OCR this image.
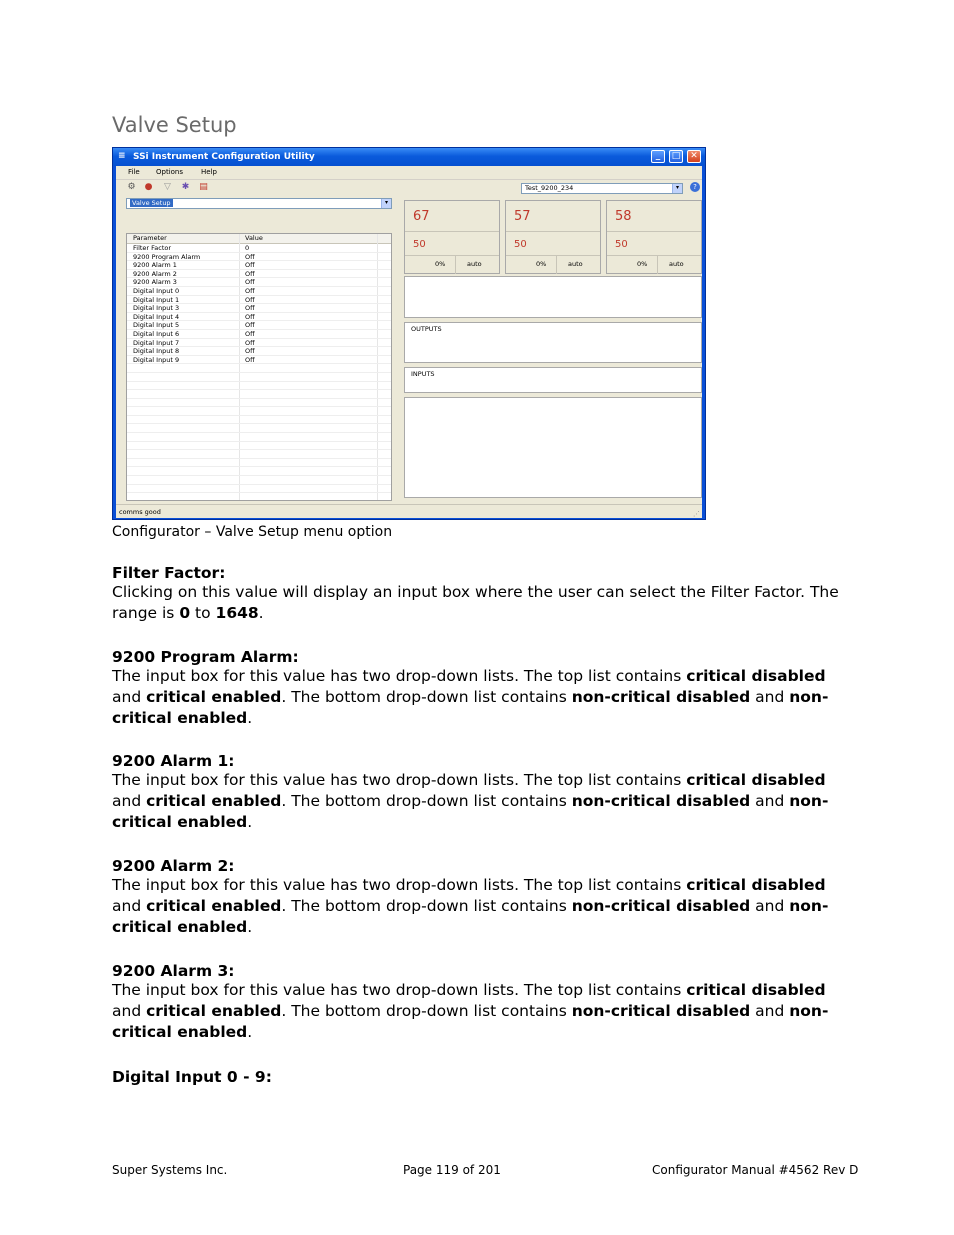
Valve Setup
≡ SSi Instrument Configuration Utility	_	□	✕
File Options	Help
⚙ ● ▽ ✱ ▤	Test_9200_234	▾	?
Valve Setup	▾
Parameter	Value
Filter Factor	0
9200 Program Alarm	Off
9200 Alarm 1	Off
9200 Alarm 2	Off
9200 Alarm 3	Off
Digital Input 0	Off
Digital Input 1	Off
Digital Input 3	Off
Digital Input 4	Off
Digital Input 5	Off
Digital Input 6	Off
Digital Input 7	Off
Digital Input 8	Off
Digital Input 9	Off
67
50
0%	auto
57
50
0%	auto
58
50
0%	auto
OUTPUTS
INPUTS
comms good	⋰
Configurator – Valve Setup menu option
Filter Factor:
Clicking on this value will display an input box where the user can select the Filter Factor. The range is 0 to 1648.
9200 Program Alarm:
The input box for this value has two drop-down lists. The top list contains critical disabled and critical enabled. The bottom drop-down list contains non-critical disabled and non-critical enabled.
9200 Alarm 1:
The input box for this value has two drop-down lists. The top list contains critical disabled and critical enabled. The bottom drop-down list contains non-critical disabled and non-critical enabled.
9200 Alarm 2:
The input box for this value has two drop-down lists. The top list contains critical disabled and critical enabled. The bottom drop-down list contains non-critical disabled and non-critical enabled.
9200 Alarm 3:
The input box for this value has two drop-down lists. The top list contains critical disabled and critical enabled. The bottom drop-down list contains non-critical disabled and non-critical enabled.
Digital Input 0 - 9:
Super Systems Inc.	Page 119 of 201	Configurator Manual #4562 Rev D
